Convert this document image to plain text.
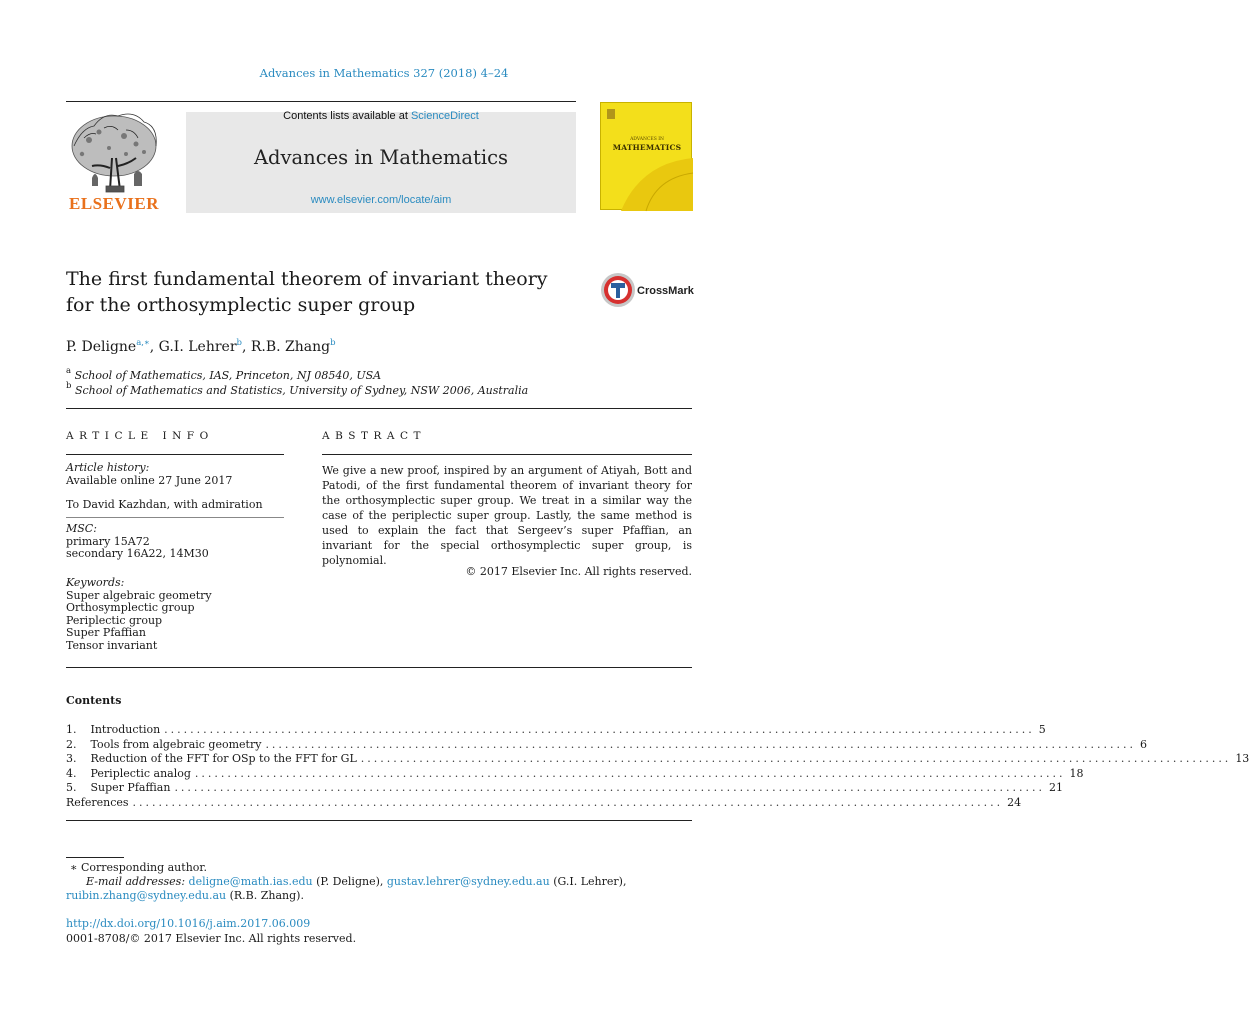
Advances in Mathematics 327 (2018) 4–24
ELSEVIER
Contents lists available at ScienceDirect
Advances in Mathematics
www.elsevier.com/locate/aim
ADVANCES IN
MATHEMATICS
The first fundamental theorem of invariant theory
for the orthosymplectic super group
CrossMark
P. Deligne$^{a,∗}$, G.I. Lehrer$^b$, R.B. Zhang$^b$
$^a$ School of Mathematics, IAS, Princeton, NJ 08540, USA
$^b$ School of Mathematics and Statistics, University of Sydney, NSW 2006, Australia
ARTICLE INFO
Article history:
Available online 27 June 2017
To David Kazhdan, with admiration
MSC:
primary 15A72
secondary 16A22, 14M30
Keywords:
Super algebraic geometry
Orthosymplectic group
Periplectic group
Super Pfaffian
Tensor invariant
ABSTRACT
We give a new proof, inspired by an argument of Atiyah, Bott and Patodi, of the first fundamental theorem of invariant theory for the orthosymplectic super group. We treat in a similar way the case of the periplectic super group. Lastly, the same method is used to explain the fact that Sergeev’s super Pfaffian, an invariant for the special orthosymplectic super group, is polynomial.
© 2017 Elsevier Inc. All rights reserved.
Contents
1. Introduction ...................................................................................................................................... 5
2. Tools from algebraic geometry ...................................................................................................................................... 6
3. Reduction of the FFT for OSp to the FFT for GL ...................................................................................................................................... 13
4. Periplectic analog ...................................................................................................................................... 18
5. Super Pfaffian ...................................................................................................................................... 21
References ...................................................................................................................................... 24
∗ Corresponding author.
E-mail addresses: deligne@math.ias.edu (P. Deligne), gustav.lehrer@sydney.edu.au (G.I. Lehrer),
ruibin.zhang@sydney.edu.au (R.B. Zhang).
http://dx.doi.org/10.1016/j.aim.2017.06.009
0001-8708/© 2017 Elsevier Inc. All rights reserved.
